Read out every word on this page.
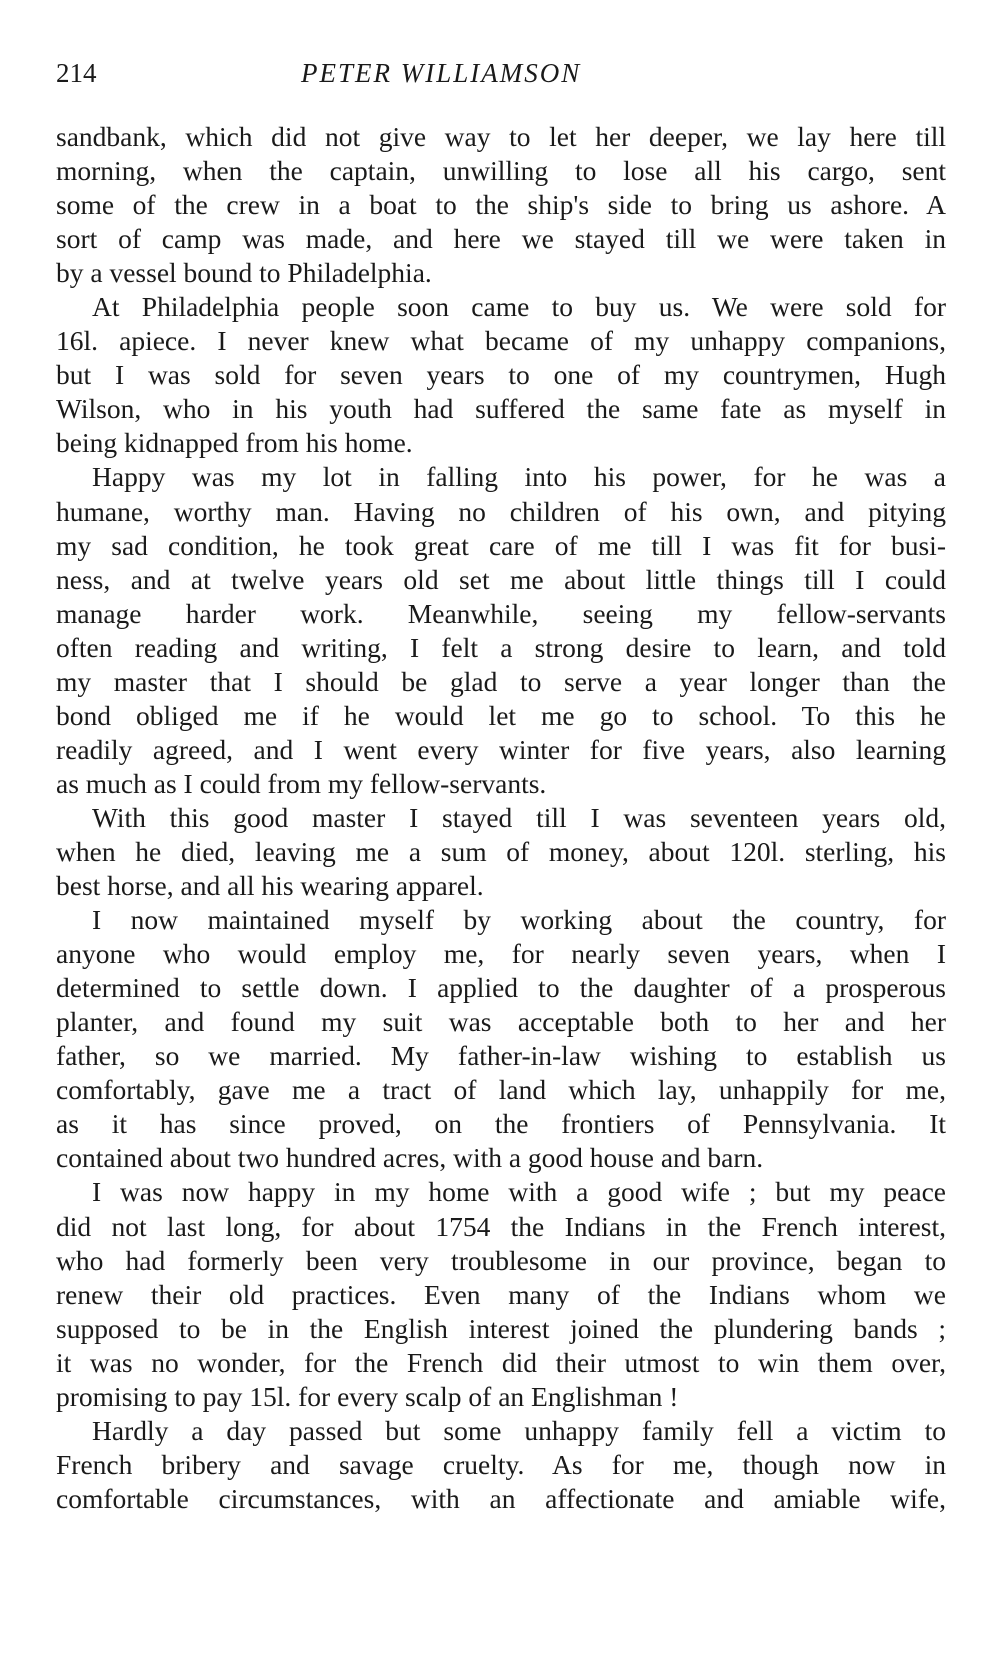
214	PETER WILLIAMSON
sandbank, which did not give way to let her deeper, we lay here till
morning, when the captain, unwilling to lose all his cargo, sent
some of the crew in a boat to the ship's side to bring us ashore. A
sort of camp was made, and here we stayed till we were taken in
by a vessel bound to Philadelphia.
At Philadelphia people soon came to buy us. We were sold for
16l. apiece. I never knew what became of my unhappy companions,
but I was sold for seven years to one of my countrymen, Hugh
Wilson, who in his youth had suffered the same fate as myself in
being kidnapped from his home.
Happy was my lot in falling into his power, for he was a
humane, worthy man. Having no children of his own, and pitying
my sad condition, he took great care of me till I was fit for busi-
ness, and at twelve years old set me about little things till I could
manage harder work. Meanwhile, seeing my fellow-servants
often reading and writing, I felt a strong desire to learn, and told
my master that I should be glad to serve a year longer than the
bond obliged me if he would let me go to school. To this he
readily agreed, and I went every winter for five years, also learning
as much as I could from my fellow-servants.
With this good master I stayed till I was seventeen years old,
when he died, leaving me a sum of money, about 120l. sterling, his
best horse, and all his wearing apparel.
I now maintained myself by working about the country, for
anyone who would employ me, for nearly seven years, when I
determined to settle down. I applied to the daughter of a prosperous
planter, and found my suit was acceptable both to her and her
father, so we married. My father-in-law wishing to establish us
comfortably, gave me a tract of land which lay, unhappily for me,
as it has since proved, on the frontiers of Pennsylvania. It
contained about two hundred acres, with a good house and barn.
I was now happy in my home with a good wife ; but my peace
did not last long, for about 1754 the Indians in the French interest,
who had formerly been very troublesome in our province, began to
renew their old practices. Even many of the Indians whom we
supposed to be in the English interest joined the plundering bands ;
it was no wonder, for the French did their utmost to win them over,
promising to pay 15l. for every scalp of an Englishman !
Hardly a day passed but some unhappy family fell a victim to
French bribery and savage cruelty. As for me, though now in
comfortable circumstances, with an affectionate and amiable wife,
